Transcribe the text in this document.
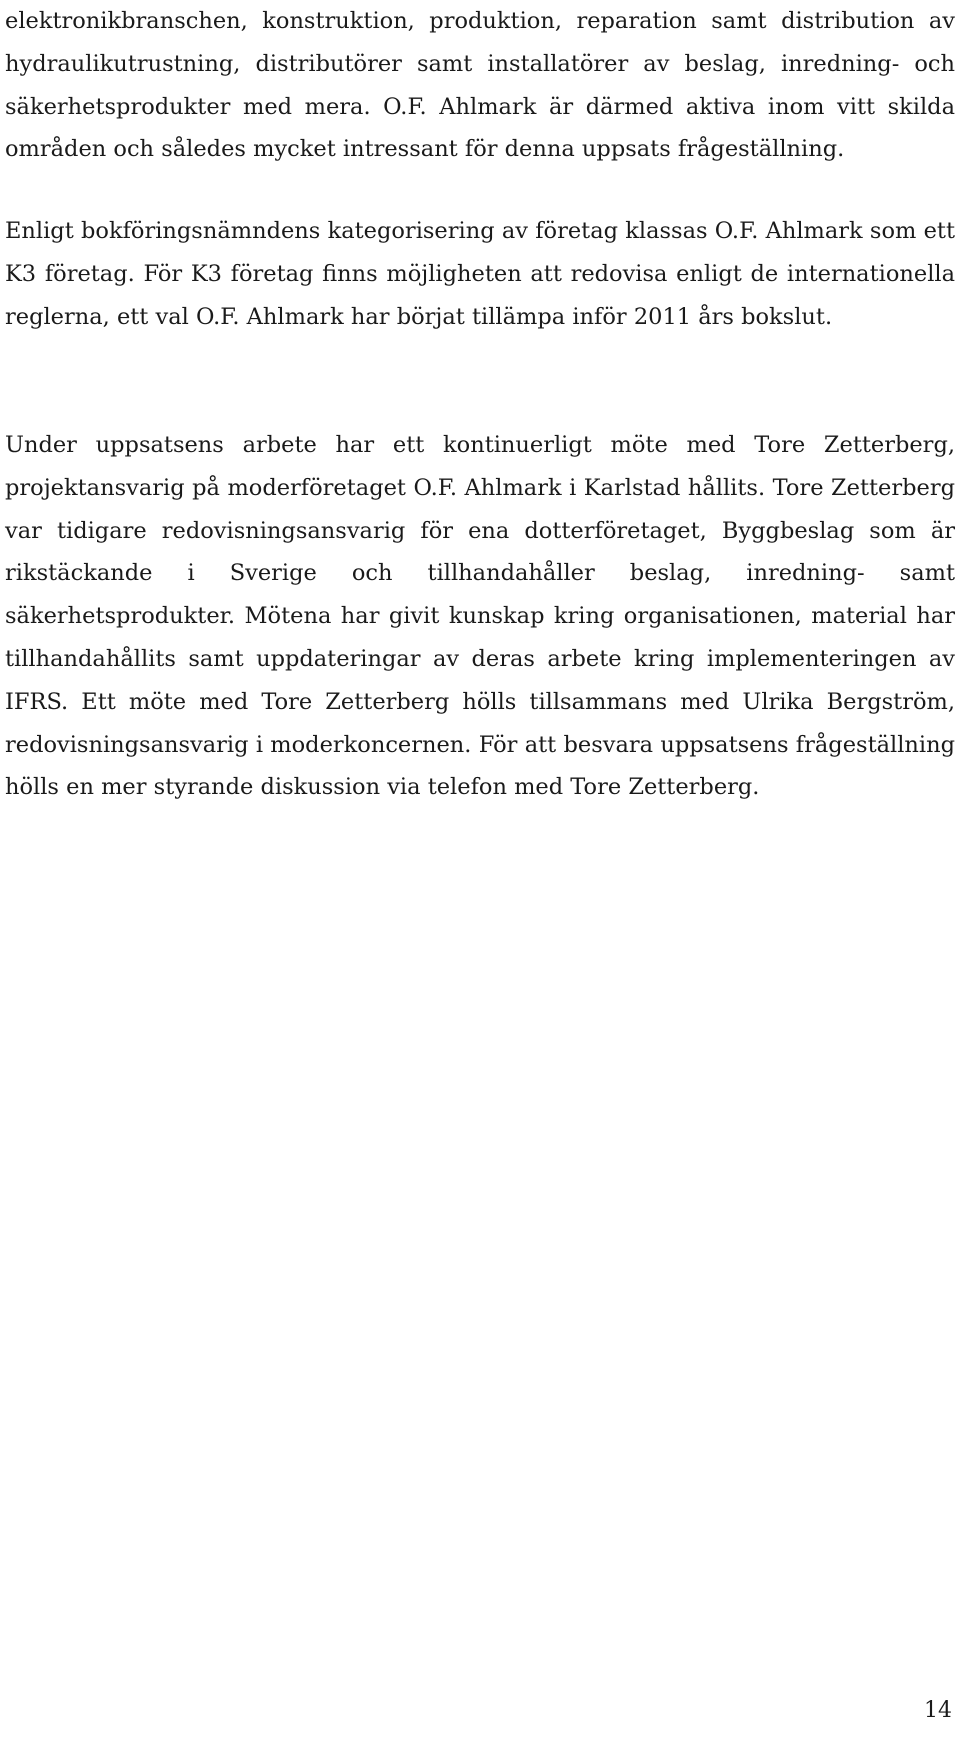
elektronikbranschen, konstruktion, produktion, reparation samt distribution av hydraulikutrustning, distributörer samt installatörer av beslag, inredning- och säkerhetsprodukter med mera. O.F. Ahlmark är därmed aktiva inom vitt skilda områden och således mycket intressant för denna uppsats frågeställning.

Enligt bokföringsnämndens kategorisering av företag klassas O.F. Ahlmark som ett K3 företag. För K3 företag finns möjligheten att redovisa enligt de internationella reglerna, ett val O.F. Ahlmark har börjat tillämpa inför 2011 års bokslut.

Under uppsatsens arbete har ett kontinuerligt möte med Tore Zetterberg, projektansvarig på moderföretaget O.F. Ahlmark i Karlstad hållits. Tore Zetterberg var tidigare redovisningsansvarig för ena dotterföretaget, Byggbeslag som är rikstäckande i Sverige och tillhandahåller beslag, inredning- samt säkerhetsprodukter. Mötena har givit kunskap kring organisationen, material har tillhandahållits samt uppdateringar av deras arbete kring implementeringen av IFRS. Ett möte med Tore Zetterberg hölls tillsammans med Ulrika Bergström, redovisningsansvarig i moderkoncernen. För att besvara uppsatsens frågeställning hölls en mer styrande diskussion via telefon med Tore Zetterberg.

14
